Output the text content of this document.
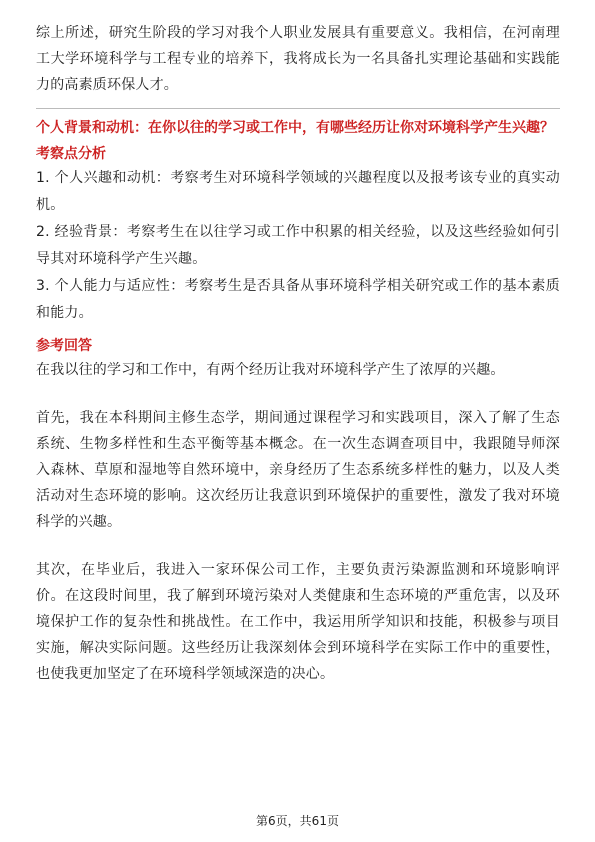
综上所述，研究生阶段的学习对我个人职业发展具有重要意义。我相信，在河南理工大学环境科学与工程专业的培养下，我将成长为一名具备扎实理论基础和实践能力的高素质环保人才。

个人背景和动机：在你以往的学习或工作中，有哪些经历让你对环境科学产生兴趣？
考察点分析

1. 个人兴趣和动机：考察考生对环境科学领域的兴趣程度以及报考该专业的真实动机。

2. 经验背景：考察考生在以往学习或工作中积累的相关经验，以及这些经验如何引导其对环境科学产生兴趣。

3. 个人能力与适应性：考察考生是否具备从事环境科学相关研究或工作的基本素质和能力。

参考回答

在我以往的学习和工作中，有两个经历让我对环境科学产生了浓厚的兴趣。

首先，我在本科期间主修生态学，期间通过课程学习和实践项目，深入了解了生态系统、生物多样性和生态平衡等基本概念。在一次生态调查项目中，我跟随导师深入森林、草原和湿地等自然环境中，亲身经历了生态系统多样性的魅力，以及人类活动对生态环境的影响。这次经历让我意识到环境保护的重要性，激发了我对环境科学的兴趣。

其次，在毕业后，我进入一家环保公司工作，主要负责污染源监测和环境影响评价。在这段时间里，我了解到环境污染对人类健康和生态环境的严重危害，以及环境保护工作的复杂性和挑战性。在工作中，我运用所学知识和技能，积极参与项目实施，解决实际问题。这些经历让我深刻体会到环境科学在实际工作中的重要性，也使我更加坚定了在环境科学领域深造的决心。

第6页，共61页
